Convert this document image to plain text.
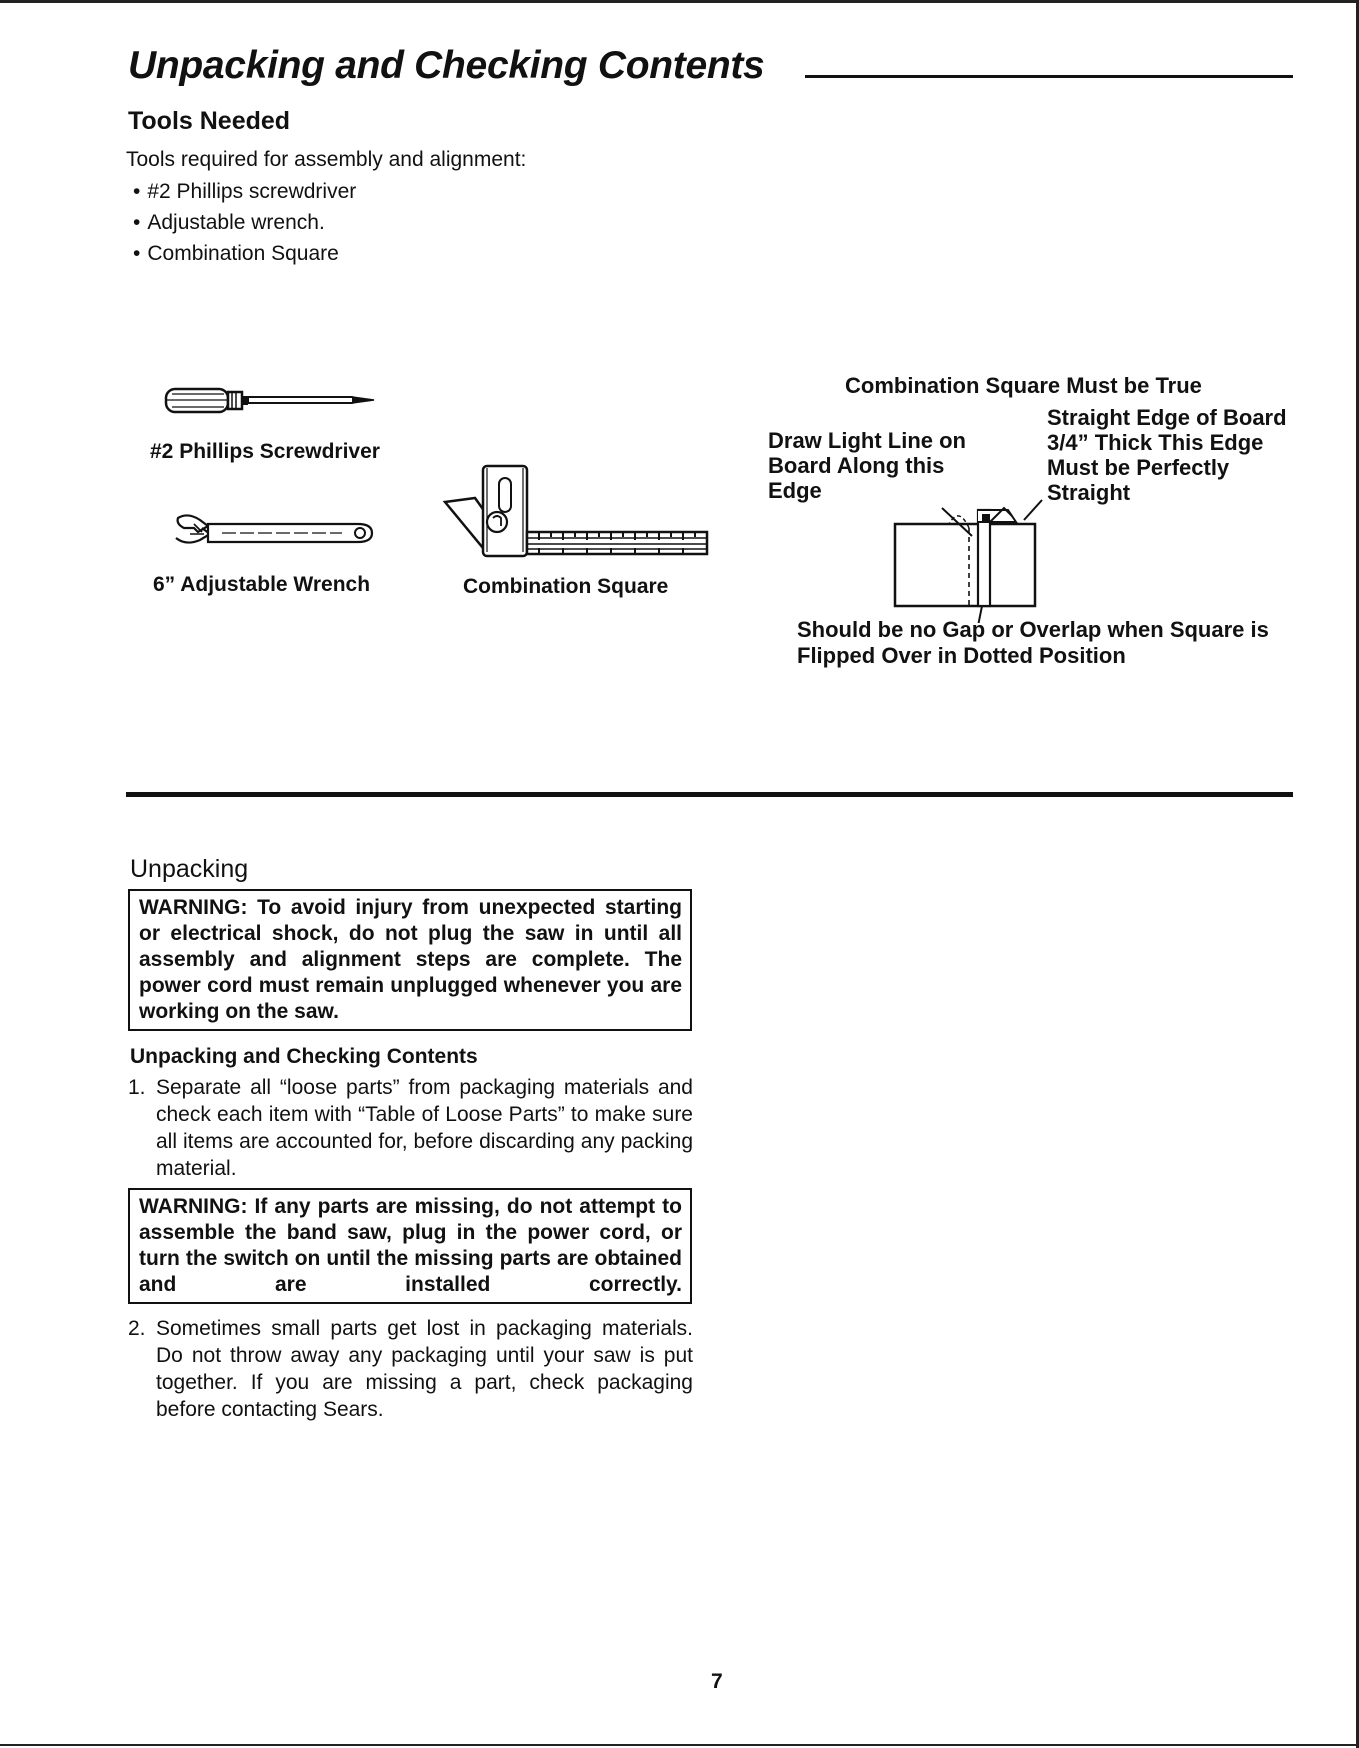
Unpacking and Checking Contents
Tools Needed
Tools required for assembly and alignment:
• #2 Phillips screwdriver
• Adjustable wrench.
• Combination Square
#2 Phillips Screwdriver
6” Adjustable Wrench	Combination Square
Combination Square Must be True
Draw Light Line on Board Along this Edge
Straight Edge of Board 3/4” Thick This Edge Must be Perfectly Straight
Should be no Gap or Overlap when Square is Flipped Over in Dotted Position
Unpacking
WARNING: To avoid injury from unexpected starting or electrical shock, do not plug the saw in until all assembly and alignment steps are complete. The power cord must remain unplugged whenever you are working on the saw.
Unpacking and Checking Contents
1. Separate all “loose parts” from packaging materials and check each item with “Table of Loose Parts” to make sure all items are accounted for, before discarding any packing material.
WARNING: If any parts are missing, do not attempt to assemble the band saw, plug in the power cord, or turn the switch on until the missing parts are obtained and are installed correctly.
2. Sometimes small parts get lost in packaging materials. Do not throw away any packaging until your saw is put together. If you are missing a part, check packaging before contacting Sears.
7
